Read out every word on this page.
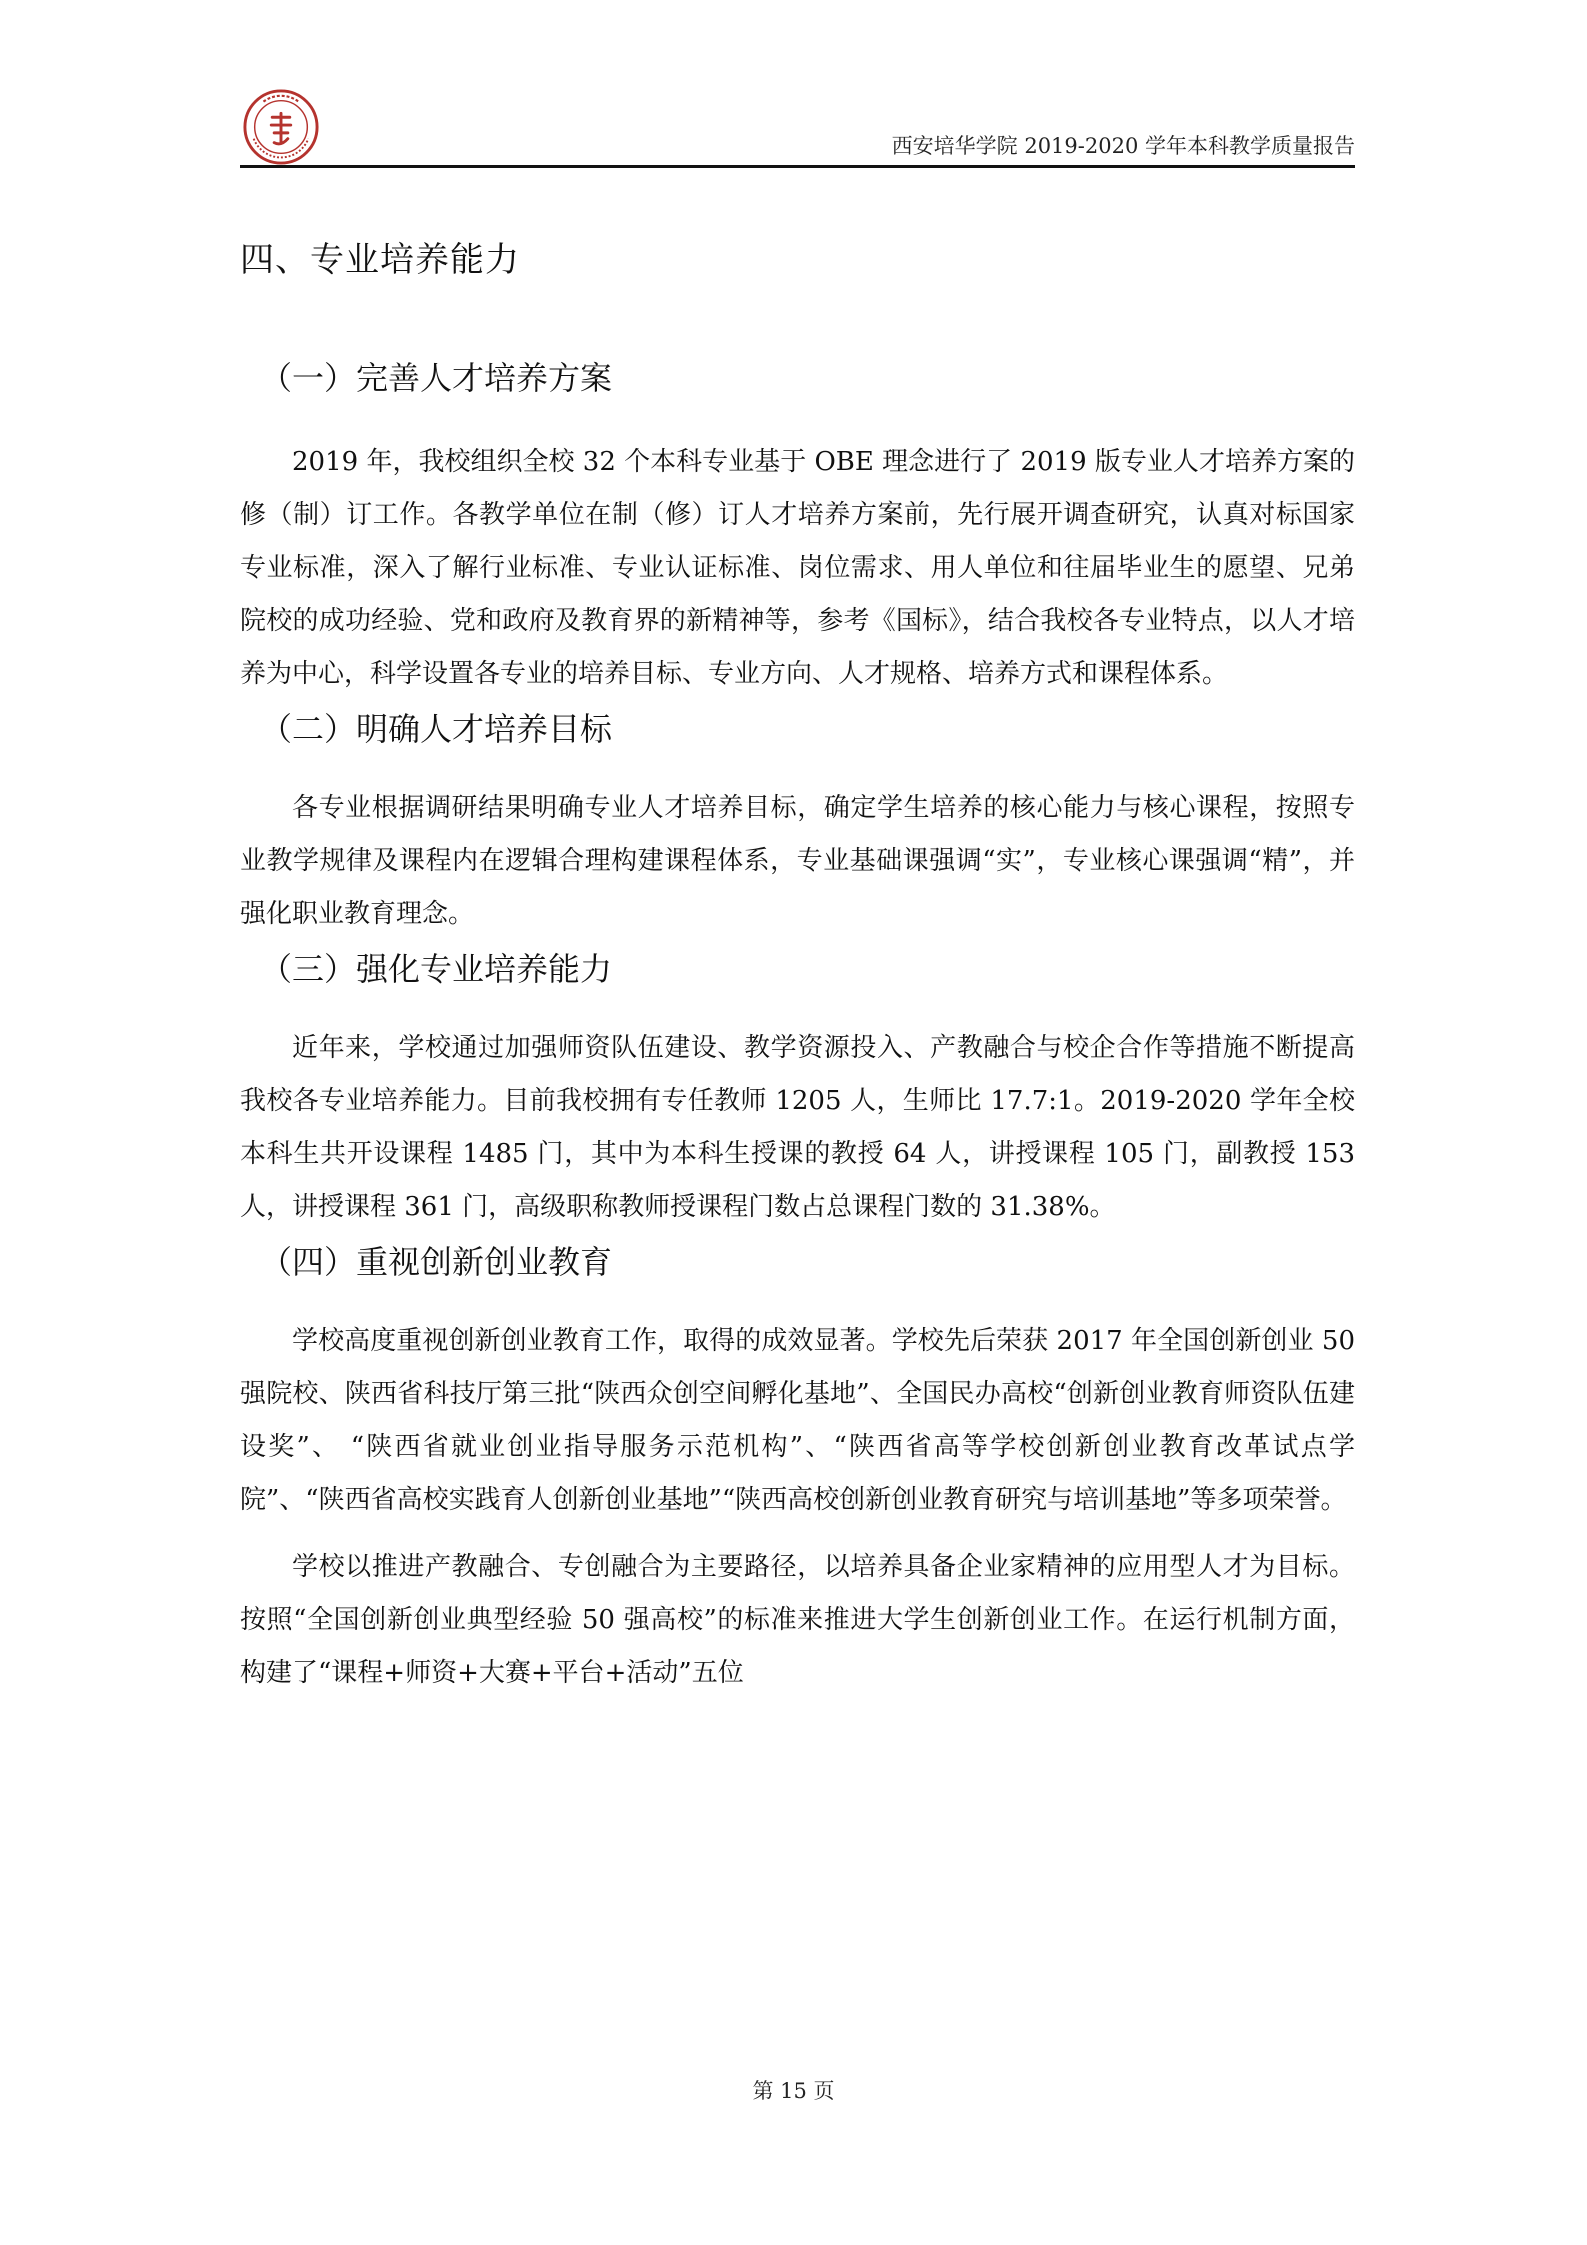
西安培华学院 2019-2020 学年本科教学质量报告
四、专业培养能力
（一）完善人才培养方案

2019 年，我校组织全校 32 个本科专业基于 OBE 理念进行了 2019 版专业人才培养方案的修（制）订工作。各教学单位在制（修）订人才培养方案前，先行展开调查研究，认真对标国家专业标准，深入了解行业标准、专业认证标准、岗位需求、用人单位和往届毕业生的愿望、兄弟院校的成功经验、党和政府及教育界的新精神等，参考《国标》，结合我校各专业特点，以人才培养为中心，科学设置各专业的培养目标、专业方向、人才规格、培养方式和课程体系。

（二）明确人才培养目标

各专业根据调研结果明确专业人才培养目标，确定学生培养的核心能力与核心课程，按照专业教学规律及课程内在逻辑合理构建课程体系，专业基础课强调“实”，专业核心课强调“精”，并强化职业教育理念。

（三）强化专业培养能力

近年来，学校通过加强师资队伍建设、教学资源投入、产教融合与校企合作等措施不断提高我校各专业培养能力。目前我校拥有专任教师 1205 人，生师比 17.7:1。2019-2020 学年全校本科生共开设课程 1485 门，其中为本科生授课的教授 64 人，讲授课程 105 门，副教授 153 人，讲授课程 361 门，高级职称教师授课程门数占总课程门数的 31.38%。

（四）重视创新创业教育

学校高度重视创新创业教育工作，取得的成效显著。学校先后荣获 2017 年全国创新创业 50 强院校、陕西省科技厅第三批“陕西众创空间孵化基地”、全国民办高校“创新创业教育师资队伍建设奖”、 “陕西省就业创业指导服务示范机构”、“陕西省高等学校创新创业教育改革试点学院”、“陕西省高校实践育人创新创业基地”“陕西高校创新创业教育研究与培训基地”等多项荣誉。

学校以推进产教融合、专创融合为主要路径，以培养具备企业家精神的应用型人才为目标。按照“全国创新创业典型经验 50 强高校”的标准来推进大学生创新创业工作。在运行机制方面，构建了“课程+师资+大赛+平台+活动”五位

第 15 页
